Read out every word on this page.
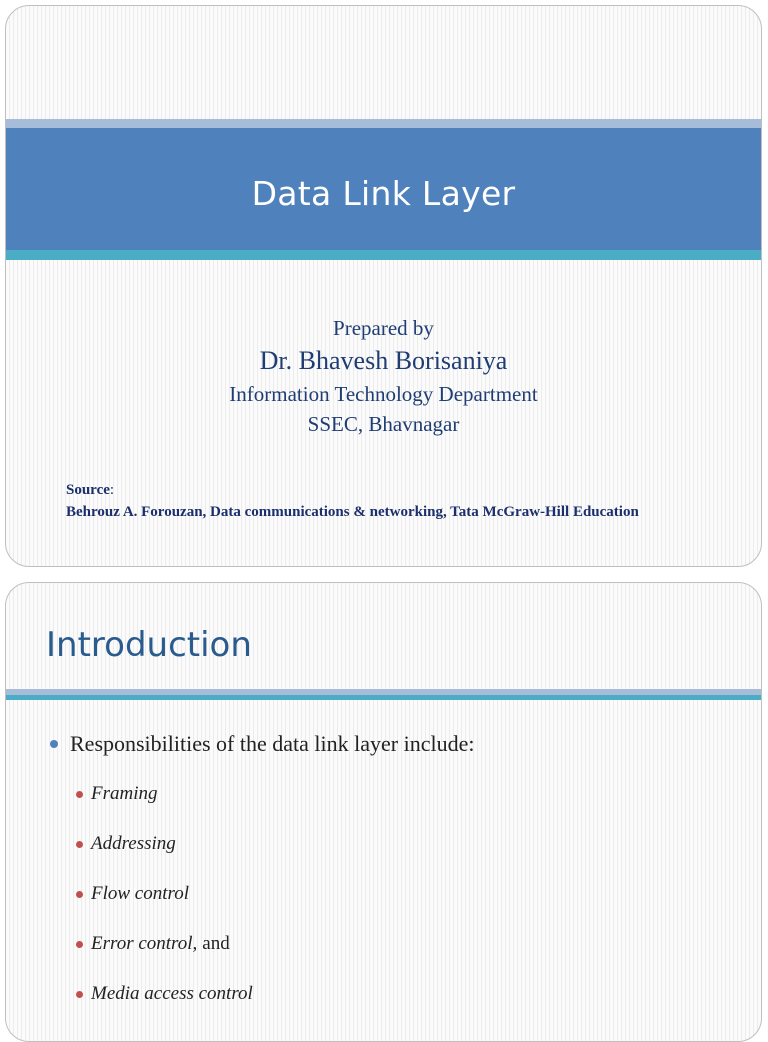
Data Link Layer
Prepared by
Dr. Bhavesh Borisaniya
Information Technology Department
SSEC, Bhavnagar
Source:
Behrouz A. Forouzan, Data communications & networking, Tata McGraw-Hill Education
Introduction
Responsibilities of the data link layer include:
Framing
Addressing
Flow control
Error control, and
Media access control
